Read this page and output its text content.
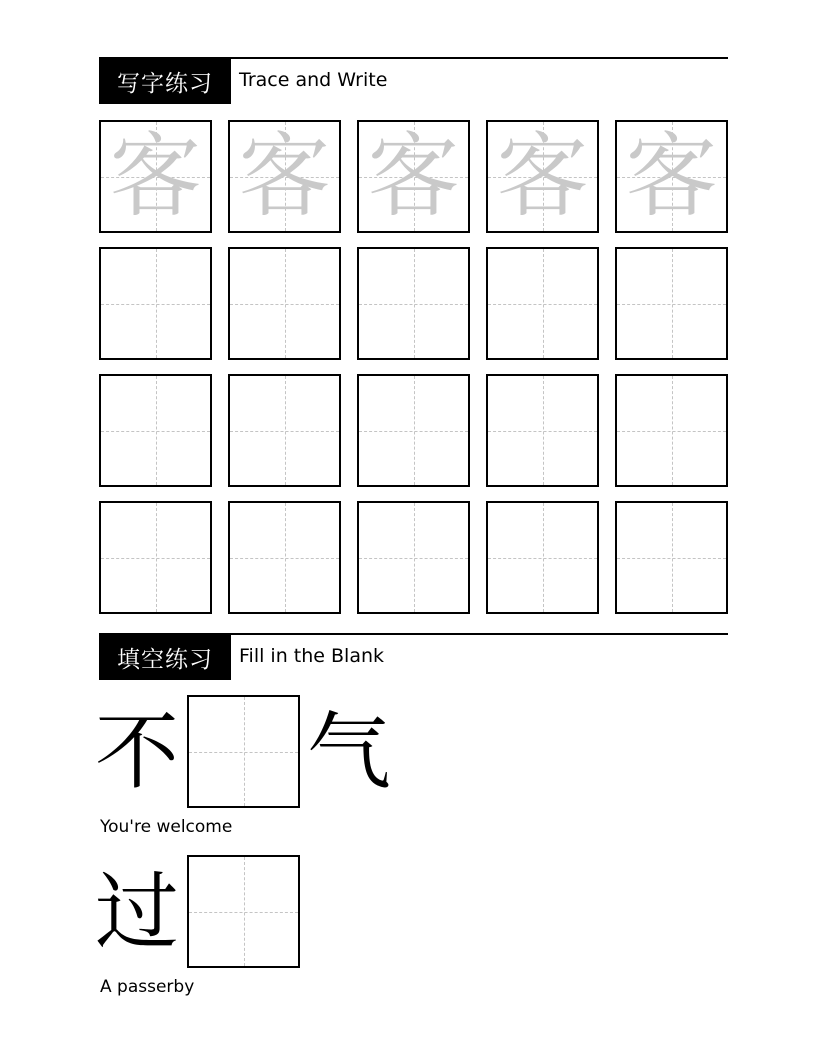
写字练习	Trace and Write
客 客 客 客 客
填空练习	Fill in the Blank
不 气
You're welcome
过
A passerby
